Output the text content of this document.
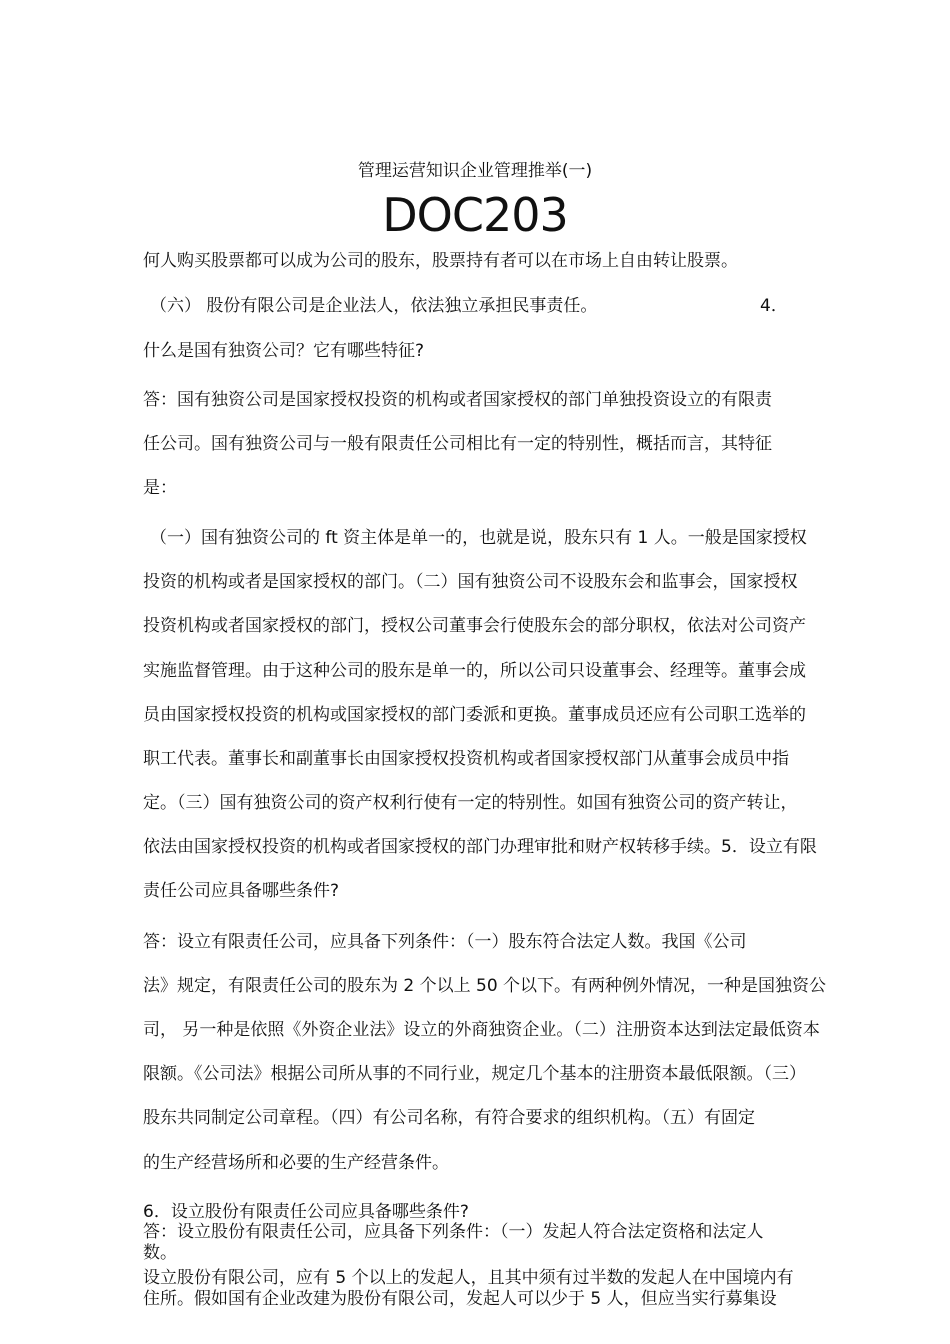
管理运营知识企业管理推举(一)
DOC203
何人购买股票都可以成为公司的股东，股票持有者可以在市场上自由转让股票。
（六） 股份有限公司是企业法人，依法独立承担民事责任。	4．
什么是国有独资公司？它有哪些特征?
答：国有独资公司是国家授权投资的机构或者国家授权的部门单独投资设立的有限责
任公司。国有独资公司与一般有限责任公司相比有一定的特别性，概括而言，其特征
是：
（一）国有独资公司的 ft 资主体是单一的，也就是说，股东只有 1 人。一般是国家授权
投资的机构或者是国家授权的部门。（二）国有独资公司不设股东会和监事会，国家授权
投资机构或者国家授权的部门，授权公司董事会行使股东会的部分职权，依法对公司资产
实施监督管理。由于这种公司的股东是单一的，所以公司只设董事会、经理等。董事会成
员由国家授权投资的机构或国家授权的部门委派和更换。董事成员还应有公司职工选举的
职工代表。董事长和副董事长由国家授权投资机构或者国家授权部门从董事会成员中指
定。（三）国有独资公司的资产权利行使有一定的特别性。如国有独资公司的资产转让，
依法由国家授权投资的机构或者国家授权的部门办理审批和财产权转移手续。5．设立有限
责任公司应具备哪些条件?
答：设立有限责任公司，应具备下列条件：（一）股东符合法定人数。我国《公司
法》规定，有限责任公司的股东为 2 个以上 50 个以下。有两种例外情况，一种是国独资公
司， 另一种是依照《外资企业法》设立的外商独资企业。（二）注册资本达到法定最低资本
限额。《公司法》根据公司所从事的不同行业，规定几个基本的注册资本最低限额。（三）
股东共同制定公司章程。（四）有公司名称，有符合要求的组织机构。（五）有固定
的生产经营场所和必要的生产经营条件。
6．设立股份有限责任公司应具备哪些条件?
答：设立股份有限责任公司，应具备下列条件：（一）发起人符合法定资格和法定人
数。
设立股份有限公司，应有 5 个以上的发起人，且其中须有过半数的发起人在中国境内有
住所。假如国有企业改建为股份有限公司，发起人可以少于 5 人，但应当实行募集设
